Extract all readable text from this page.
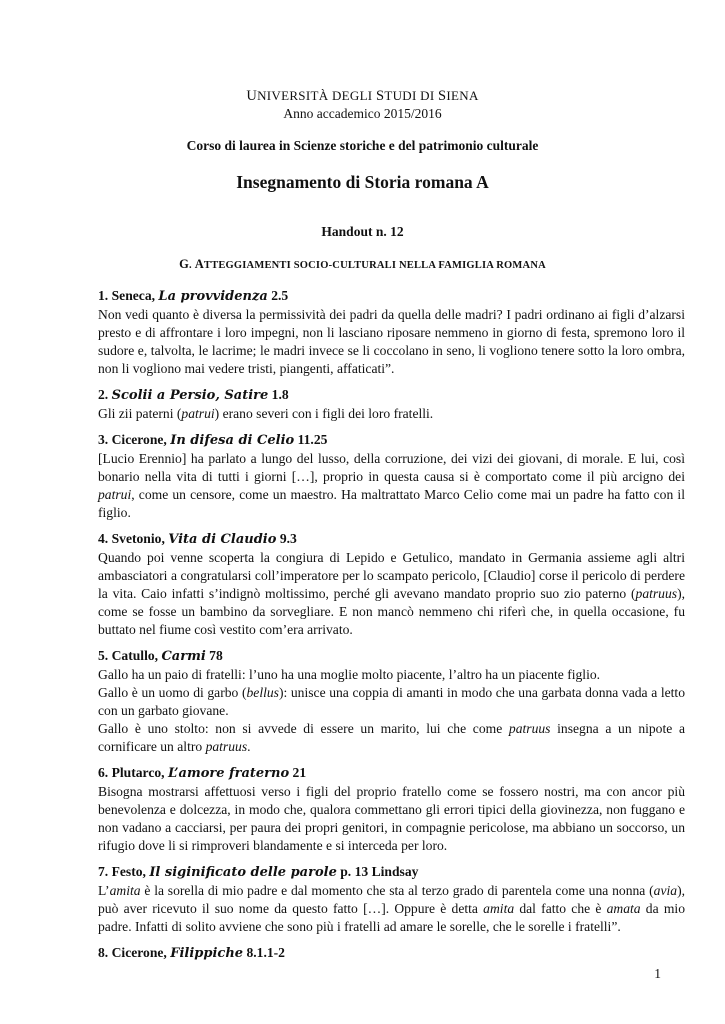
UNIVERSITÀ DEGLI STUDI DI SIENA
Anno accademico 2015/2016
Corso di laurea in Scienze storiche e del patrimonio culturale
Insegnamento di Storia romana A
Handout n. 12
G. ATTEGGIAMENTI SOCIO-CULTURALI NELLA FAMIGLIA ROMANA
1. Seneca, La provvidenza 2.5

Non vedi quanto è diversa la permissività dei padri da quella delle madri? I padri ordinano ai figli d’alzarsi presto e di affrontare i loro impegni, non li lasciano riposare nemmeno in giorno di festa, spremono loro il sudore e, talvolta, le lacrime; le madri invece se li coccolano in seno, li vogliono tenere sotto la loro ombra, non li vogliono mai vedere tristi, piangenti, affaticati”.

2. Scolii a Persio, Satire 1.8

Gli zii paterni (patrui) erano severi con i figli dei loro fratelli.

3. Cicerone, In difesa di Celio 11.25

[Lucio Erennio] ha parlato a lungo del lusso, della corruzione, dei vizi dei giovani, di morale. E lui, così bonario nella vita di tutti i giorni […], proprio in questa causa si è comportato come il più arcigno dei patrui, come un censore, come un maestro. Ha maltrattato Marco Celio come mai un padre ha fatto con il figlio.

4. Svetonio, Vita di Claudio 9.3

Quando poi venne scoperta la congiura di Lepido e Getulico, mandato in Germania assieme agli altri ambasciatori a congratularsi coll’imperatore per lo scampato pericolo, [Claudio] corse il pericolo di perdere la vita. Caio infatti s’indignò moltissimo, perché gli avevano mandato proprio suo zio paterno (patruus), come se fosse un bambino da sorvegliare. E non mancò nemmeno chi riferì che, in quella occasione, fu buttato nel fiume così vestito com’era arrivato.

5. Catullo, Carmi 78

Gallo ha un paio di fratelli: l’uno ha una moglie molto piacente, l’altro ha un piacente figlio.

Gallo è un uomo di garbo (bellus): unisce una coppia di amanti in modo che una garbata donna vada a letto con un garbato giovane.

Gallo è uno stolto: non si avvede di essere un marito, lui che come patruus insegna a un nipote a cornificare un altro patruus.

6. Plutarco, L’amore fraterno 21

Bisogna mostrarsi affettuosi verso i figli del proprio fratello come se fossero nostri, ma con ancor più benevolenza e dolcezza, in modo che, qualora commettano gli errori tipici della giovinezza, non fuggano e non vadano a cacciarsi, per paura dei propri genitori, in compagnie pericolose, ma abbiano un soccorso, un rifugio dove li si rimproveri blandamente e si interceda per loro.

7. Festo, Il siginificato delle parole p. 13 Lindsay

L’amita è la sorella di mio padre e dal momento che sta al terzo grado di parentela come una nonna (avia), può aver ricevuto il suo nome da questo fatto […]. Oppure è detta amita dal fatto che è amata da mio padre. Infatti di solito avviene che sono più i fratelli ad amare le sorelle, che le sorelle i fratelli”.

8. Cicerone, Filippiche 8.1.1-2
1
